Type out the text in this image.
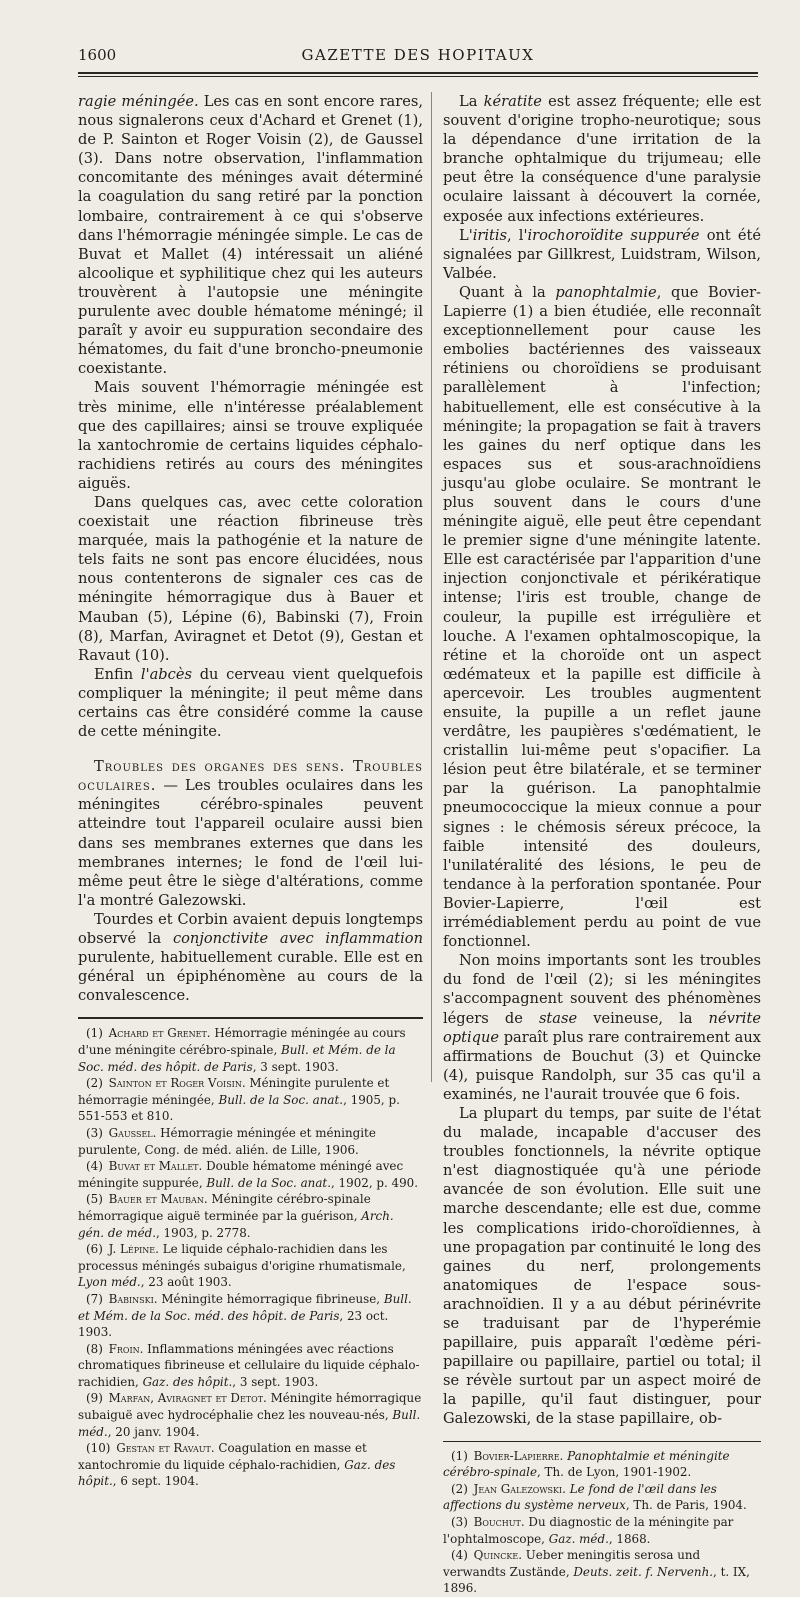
1600	GAZETTE DES HOPITAUX

ragie méningée. Les cas en sont encore rares, nous signalerons ceux d'Achard et Grenet (1), de P. Sainton et Roger Voisin (2), de Gaussel (3). Dans notre observation, l'inflammation concomitante des méninges avait déterminé la coagulation du sang retiré par la ponction lombaire, contrairement à ce qui s'observe dans l'hémorragie méningée simple. Le cas de Buvat et Mallet (4) intéressait un aliéné alcoolique et syphilitique chez qui les auteurs trouvèrent à l'autopsie une méningite purulente avec double hématome méningé; il paraît y avoir eu suppuration secondaire des hématomes, du fait d'une broncho-pneumonie coexistante.

Mais souvent l'hémorragie méningée est très minime, elle n'intéresse préalablement que des capillaires; ainsi se trouve expliquée la xantochromie de certains liquides céphalo-rachidiens retirés au cours des méningites aiguës.

Dans quelques cas, avec cette coloration coexistait une réaction fibrineuse très marquée, mais la pathogénie et la nature de tels faits ne sont pas encore élucidées, nous nous contenterons de signaler ces cas de méningite hémorragique dus à Bauer et Mauban (5), Lépine (6), Babinski (7), Froin (8), Marfan, Aviragnet et Detot (9), Gestan et Ravaut (10).

Enfin l'abcès du cerveau vient quelquefois compliquer la méningite; il peut même dans certains cas être considéré comme la cause de cette méningite.

Troubles des organes des sens. Troubles oculaires. — Les troubles oculaires dans les méningites cérébro-spinales peuvent atteindre tout l'appareil oculaire aussi bien dans ses membranes externes que dans les membranes internes; le fond de l'œil lui-même peut être le siège d'altérations, comme l'a montré Galezowski.

Tourdes et Corbin avaient depuis longtemps observé la conjonctivite avec inflammation purulente, habituellement curable. Elle est en général un épiphénomène au cours de la convalescence.

(1) Achard et Grenet. Hémorragie méningée au cours d'une méningite cérébro-spinale, Bull. et Mém. de la Soc. méd. des hôpit. de Paris, 3 sept. 1903.
(2) Sainton et Roger Voisin. Méningite purulente et hémorragie méningée, Bull. de la Soc. anat., 1905, p. 551-553 et 810.
(3) Gaussel. Hémorragie méningée et méningite purulente, Cong. de méd. alién. de Lille, 1906.
(4) Buvat et Mallet. Double hématome méningé avec méningite suppurée, Bull. de la Soc. anat., 1902, p. 490.
(5) Bauer et Mauban. Méningite cérébro-spinale hémorragique aiguë terminée par la guérison, Arch. gén. de méd., 1903, p. 2778.
(6) J. Lépine. Le liquide céphalo-rachidien dans les processus méningés subaigus d'origine rhumatismale, Lyon méd., 23 août 1903.
(7) Babinski. Méningite hémorragique fibrineuse, Bull. et Mém. de la Soc. méd. des hôpit. de Paris, 23 oct. 1903.
(8) Froin. Inflammations méningées avec réactions chromatiques fibrineuse et cellulaire du liquide céphalo-rachidien, Gaz. des hôpit., 3 sept. 1903.
(9) Marfan, Aviragnet et Detot. Méningite hémorragique subaiguë avec hydrocéphalie chez les nouveau-nés, Bull. méd., 20 janv. 1904.
(10) Gestan et Ravaut. Coagulation en masse et xantochromie du liquide céphalo-rachidien, Gaz. des hôpit., 6 sept. 1904.

La kératite est assez fréquente; elle est souvent d'origine tropho-neurotique; sous la dépendance d'une irritation de la branche ophtalmique du trijumeau; elle peut être la conséquence d'une paralysie oculaire laissant à découvert la cornée, exposée aux infections extérieures.

L'iritis, l'irochoroïdite suppurée ont été signalées par Gillkrest, Luidstram, Wilson, Valbée.

Quant à la panophtalmie, que Bovier-Lapierre (1) a bien étudiée, elle reconnaît exceptionnellement pour cause les embolies bactériennes des vaisseaux rétiniens ou choroïdiens se produisant parallèlement à l'infection; habituellement, elle est consécutive à la méningite; la propagation se fait à travers les gaines du nerf optique dans les espaces sus et sous-arachnoïdiens jusqu'au globe oculaire. Se montrant le plus souvent dans le cours d'une méningite aiguë, elle peut être cependant le premier signe d'une méningite latente. Elle est caractérisée par l'apparition d'une injection conjonctivale et périkératique intense; l'iris est trouble, change de couleur, la pupille est irrégulière et louche. A l'examen ophtalmoscopique, la rétine et la choroïde ont un aspect œdémateux et la papille est difficile à apercevoir. Les troubles augmentent ensuite, la pupille a un reflet jaune verdâtre, les paupières s'œdématient, le cristallin lui-même peut s'opacifier. La lésion peut être bilatérale, et se terminer par la guérison. La panophtalmie pneumococcique la mieux connue a pour signes : le chémosis séreux précoce, la faible intensité des douleurs, l'unilatéralité des lésions, le peu de tendance à la perforation spontanée. Pour Bovier-Lapierre, l'œil est irrémédiablement perdu au point de vue fonctionnel.

Non moins importants sont les troubles du fond de l'œil (2); si les méningites s'accompagnent souvent des phénomènes légers de stase veineuse, la névrite optique paraît plus rare contrairement aux affirmations de Bouchut (3) et Quincke (4), puisque Randolph, sur 35 cas qu'il a examinés, ne l'aurait trouvée que 6 fois.

La plupart du temps, par suite de l'état du malade, incapable d'accuser des troubles fonctionnels, la névrite optique n'est diagnostiquée qu'à une période avancée de son évolution. Elle suit une marche descendante; elle est due, comme les complications irido-choroïdiennes, à une propagation par continuité le long des gaines du nerf, prolongements anatomiques de l'espace sous-arachnoïdien. Il y a au début périnévrite se traduisant par de l'hyperémie papillaire, puis apparaît l'œdème péri-papillaire ou papillaire, partiel ou total; il se révèle surtout par un aspect moiré de la papille, qu'il faut distinguer, pour Galezowski, de la stase papillaire, ob-

(1) Bovier-Lapierre. Panophtalmie et méningite cérébro-spinale, Th. de Lyon, 1901-1902.
(2) Jean Galezowski. Le fond de l'œil dans les affections du système nerveux, Th. de Paris, 1904.
(3) Bouchut. Du diagnostic de la méningite par l'ophtalmoscope, Gaz. méd., 1868.
(4) Quincke. Ueber meningitis serosa und verwandts Zustände, Deuts. zeit. f. Nervenh., t. IX, 1896.
